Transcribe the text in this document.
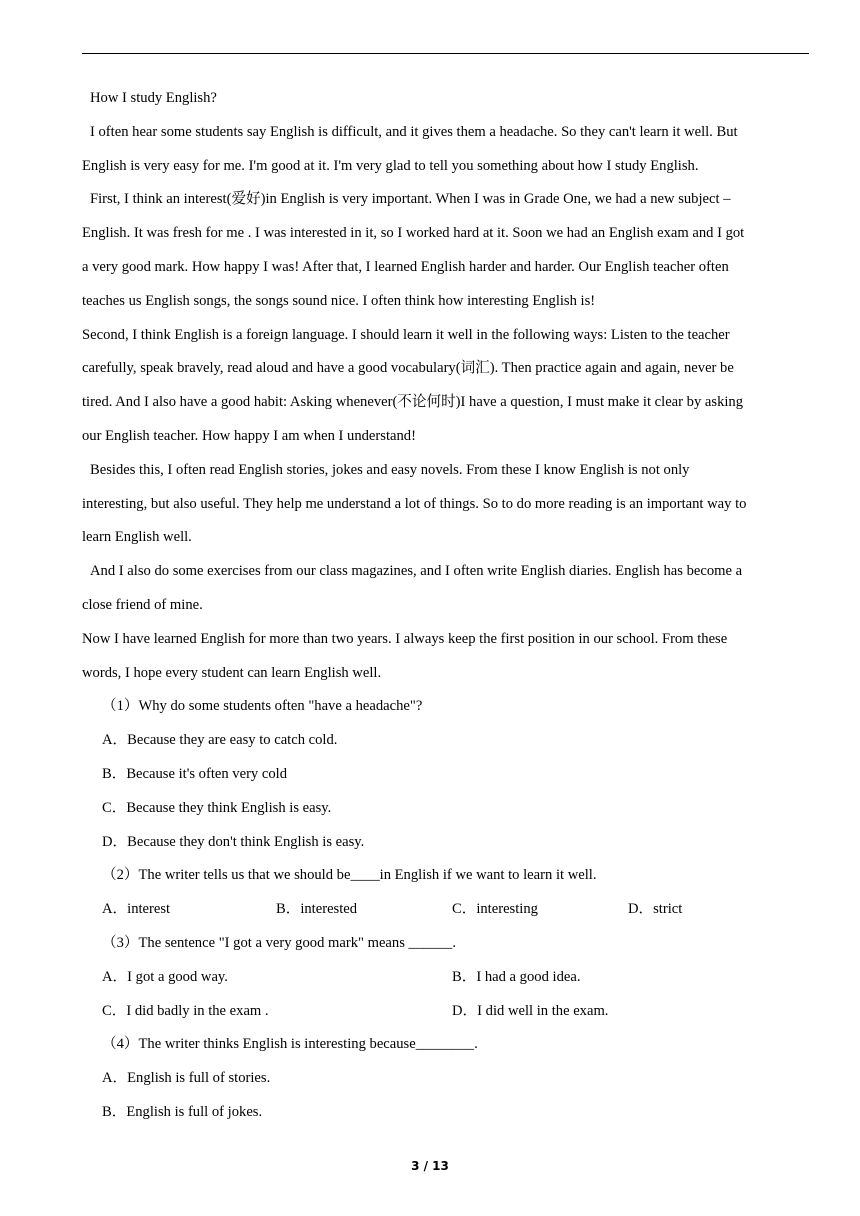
How I study English?
I often hear some students say English is difficult, and it gives them a headache. So they can't learn it well. But
English is very easy for me. I'm good at it. I'm very glad to tell you something about how I study English.
First, I think an interest(爱好)in English is very important. When I was in Grade One, we had a new subject –
English. It was fresh for me . I was interested in it, so I worked hard at it. Soon we had an English exam and I got
a very good mark. How happy I was! After that, I learned English harder and harder. Our English teacher often
teaches us English songs, the songs sound nice. I often think how interesting English is!
Second, I think English is a foreign language. I should learn it well in the following ways: Listen to the teacher
carefully, speak bravely, read aloud and have a good vocabulary(词汇). Then practice again and again, never be
tired. And I also have a good habit: Asking whenever(不论何时)I have a question, I must make it clear by asking
our English teacher. How happy I am when I understand!
Besides this, I often read English stories, jokes and easy novels. From these I know English is not only
interesting, but also useful. They help me understand a lot of things. So to do more reading is an important way to
learn English well.
And I also do some exercises from our class magazines, and I often write English diaries. English has become a
close friend of mine.
Now I have learned English for more than two years. I always keep the first position in our school. From these
words, I hope every student can learn English well.
（1）Why do some students often "have a headache"?
A．Because they are easy to catch cold.
B．Because it's often very cold
C．Because they think English is easy.
D．Because they don't think English is easy.
（2）The writer tells us that we should be____in English if we want to learn it well.
A．interest	B．interested	C．interesting	D．strict
（3）The sentence "I got a very good mark" means ______.
A．I got a good way.	B．I had a good idea.
C．I did badly in the exam .	D．I did well in the exam.
（4）The writer thinks English is interesting because________.
A．English is full of stories.
B．English is full of jokes.
3 / 13
